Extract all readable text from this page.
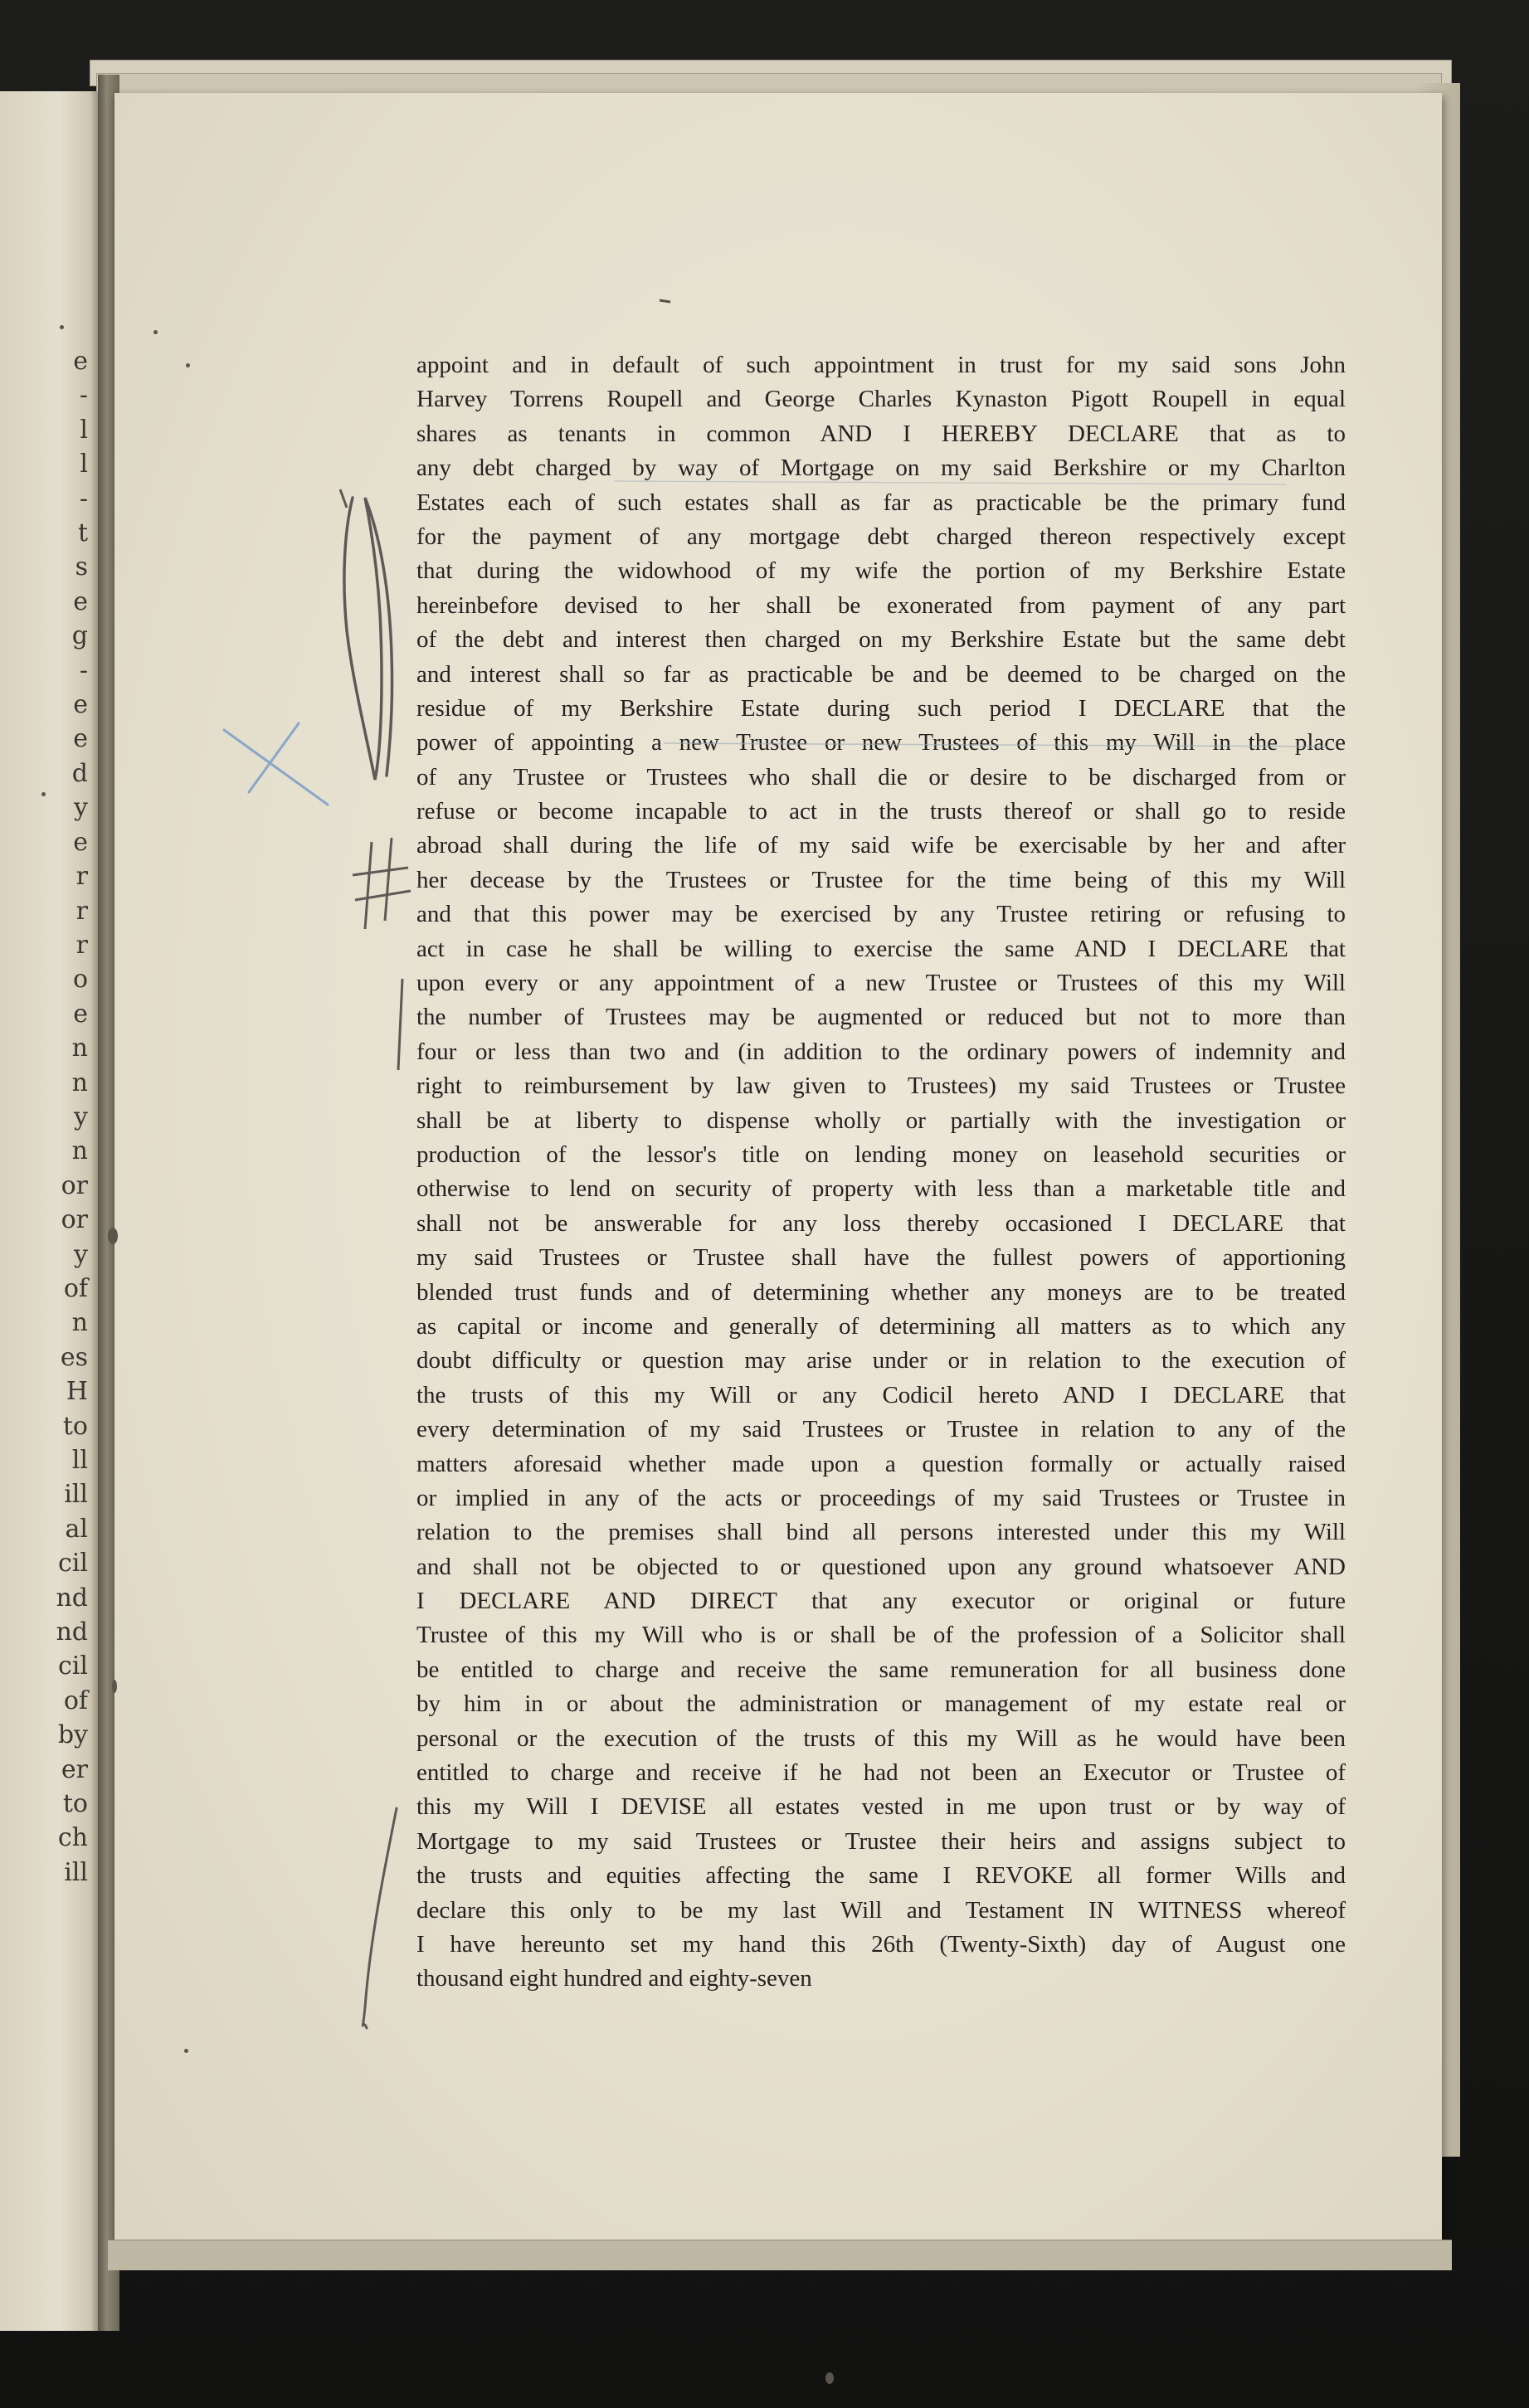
e
-
l
l
-
t
s
e
g
-
e
e
d
y
e
r
r
r
o
e
n
n
y
n
or
or
y
of
n
es
H
to
ll
ill
al
cil
nd
nd
cil
of
by
er
to
ch
ill
appoint and in default of such appointment in trust for my said sons John
Harvey Torrens Roupell and George Charles Kynaston Pigott Roupell in equal
shares as tenants in common AND I HEREBY DECLARE that as to
any debt charged by way of Mortgage on my said Berkshire or my Charlton
Estates each of such estates shall as far as practicable be the primary fund
for the payment of any mortgage debt charged thereon respectively except
that during the widowhood of my wife the portion of my Berkshire Estate
hereinbefore devised to her shall be exonerated from payment of any part
of the debt and interest then charged on my Berkshire Estate but the same debt
and interest shall so far as practicable be and be deemed to be charged on the
residue of my Berkshire Estate during such period I DECLARE that the
power of appointing a new Trustee or new Trustees of this my Will in the place
of any Trustee or Trustees who shall die or desire to be discharged from or
refuse or become incapable to act in the trusts thereof or shall go to reside
abroad shall during the life of my said wife be exercisable by her and after
her decease by the Trustees or Trustee for the time being of this my Will
and that this power may be exercised by any Trustee retiring or refusing to
act in case he shall be willing to exercise the same AND I DECLARE that
upon every or any appointment of a new Trustee or Trustees of this my Will
the number of Trustees may be augmented or reduced but not to more than
four or less than two and (in addition to the ordinary powers of indemnity and
right to reimbursement by law given to Trustees) my said Trustees or Trustee
shall be at liberty to dispense wholly or partially with the investigation or
production of the lessor's title on lending money on leasehold securities or
otherwise to lend on security of property with less than a marketable title and
shall not be answerable for any loss thereby occasioned I DECLARE that
my said Trustees or Trustee shall have the fullest powers of apportioning
blended trust funds and of determining whether any moneys are to be treated
as capital or income and generally of determining all matters as to which any
doubt difficulty or question may arise under or in relation to the execution of
the trusts of this my Will or any Codicil hereto AND I DECLARE that
every determination of my said Trustees or Trustee in relation to any of the
matters aforesaid whether made upon a question formally or actually raised
or implied in any of the acts or proceedings of my said Trustees or Trustee in
relation to the premises shall bind all persons interested under this my Will
and shall not be objected to or questioned upon any ground whatsoever AND
I DECLARE AND DIRECT that any executor or original or future
Trustee of this my Will who is or shall be of the profession of a Solicitor shall
be entitled to charge and receive the same remuneration for all business done
by him in or about the administration or management of my estate real or
personal or the execution of the trusts of this my Will as he would have been
entitled to charge and receive if he had not been an Executor or Trustee of
this my Will I DEVISE all estates vested in me upon trust or by way of
Mortgage to my said Trustees or Trustee their heirs and assigns subject to
the trusts and equities affecting the same I REVOKE all former Wills and
declare this only to be my last Will and Testament IN WITNESS whereof
I have hereunto set my hand this 26th (Twenty-Sixth) day of August one
thousand eight hundred and eighty-seven
